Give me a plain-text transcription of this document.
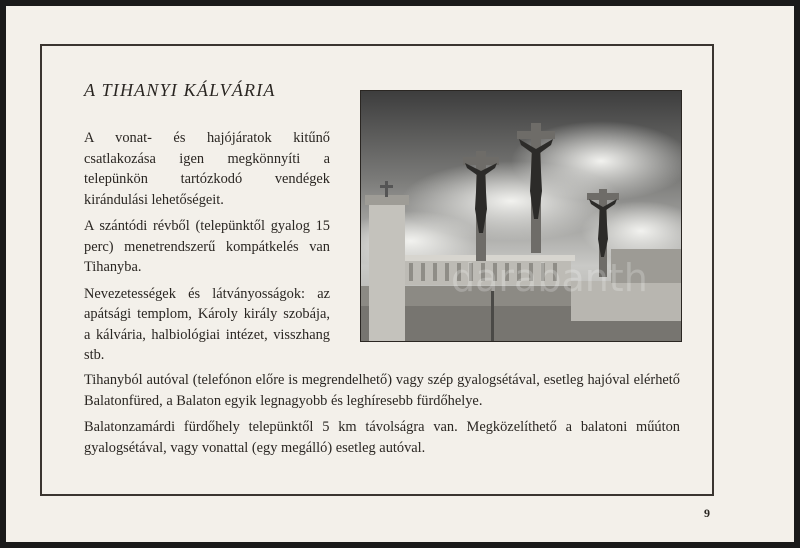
A TIHANYI KÁLVÁRIA

A vonat- és hajójáratok kitűnő csatlakozása igen megkönnyíti a telepünkön tartózkodó vendégek kirándulási lehetőségeit.

A szántódi révből (telepünktől gyalog 15 perc) menetrendszerű kompátkelés van Tihanyba.

Nevezetességek és látványosságok: az apátsági templom, Károly király szobája, a kálvária, halbiológiai intézet, visszhang stb.

darabanth

Tihanyból autóval (telefónon előre is megrendelhető) vagy szép gyalogsétával, esetleg hajóval elérhető Balatonfüred, a Balaton egyik legnagyobb és leghíresebb fürdőhelye.

Balatonzamárdi fürdőhely telepünktől 5 km távolságra van. Megközelíthető a balatoni műúton gyalogsétával, vagy vonattal (egy megálló) esetleg autóval.

9
